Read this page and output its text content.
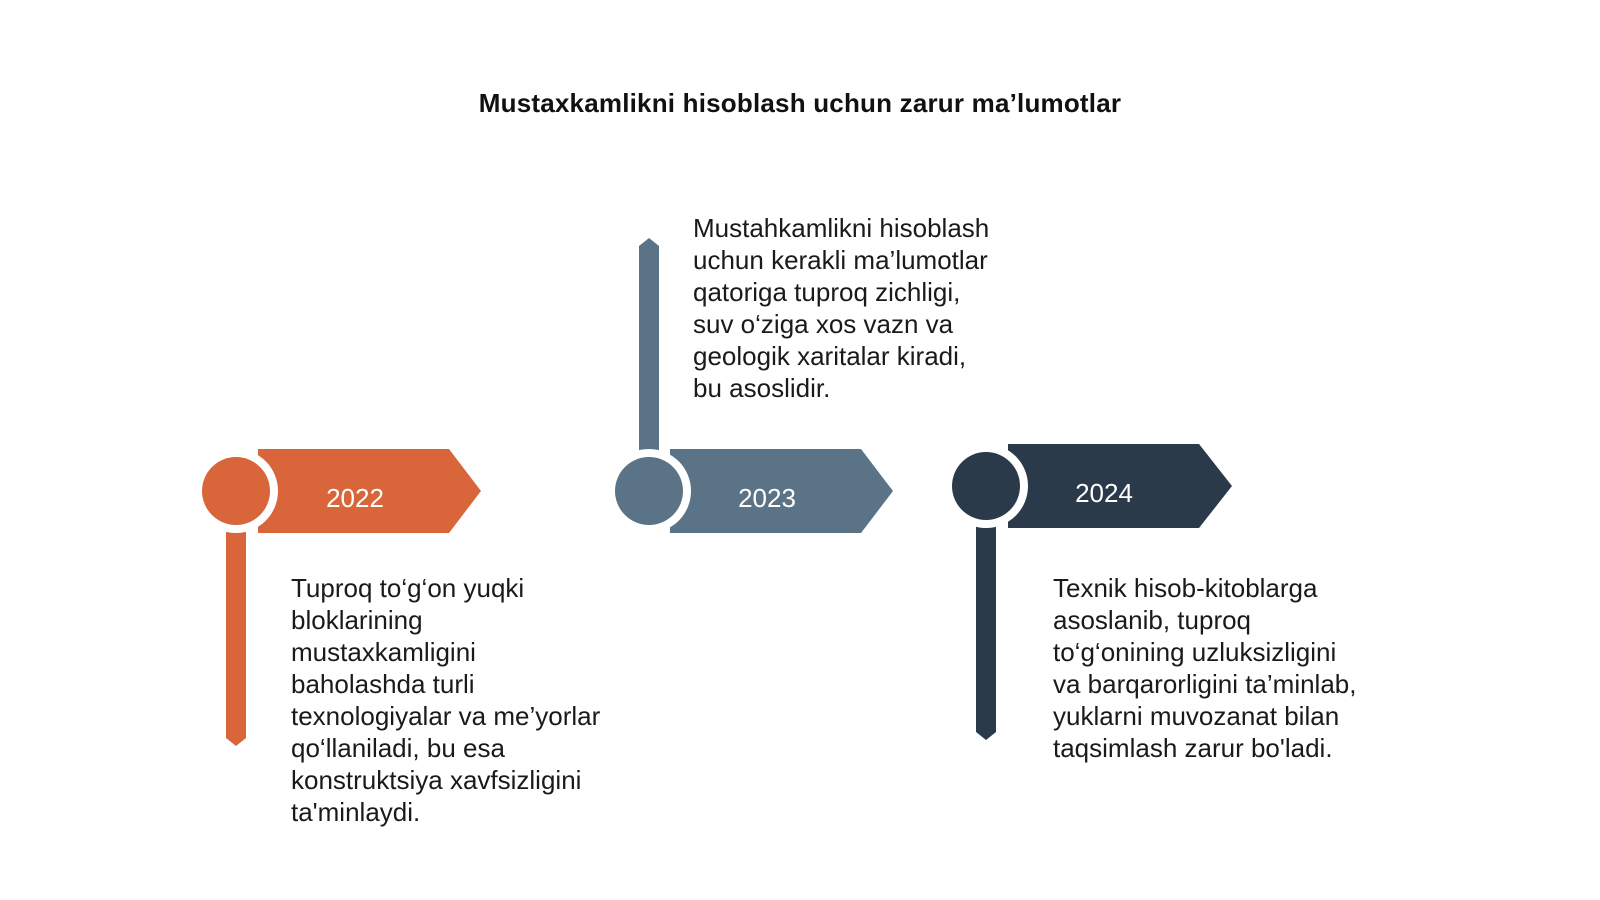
Mustaxkamlikni hisoblash uchun zarur ma’lumotlar
2022	2023	2024
Tuproq to‘g‘on yuqki
bloklarining
mustaxkamligini
baholashda turli
texnologiyalar va me’yorlar
qo‘llaniladi, bu esa
konstruktsiya xavfsizligini
ta'minlaydi.
Mustahkamlikni hisoblash
uchun kerakli ma’lumotlar
qatoriga tuproq zichligi,
suv o‘ziga xos vazn va
geologik xaritalar kiradi,
bu asoslidir.
Texnik hisob-kitoblarga
asoslanib, tuproq
to‘g‘onining uzluksizligini
va barqarorligini ta’minlab,
yuklarni muvozanat bilan
taqsimlash zarur bo'ladi.
